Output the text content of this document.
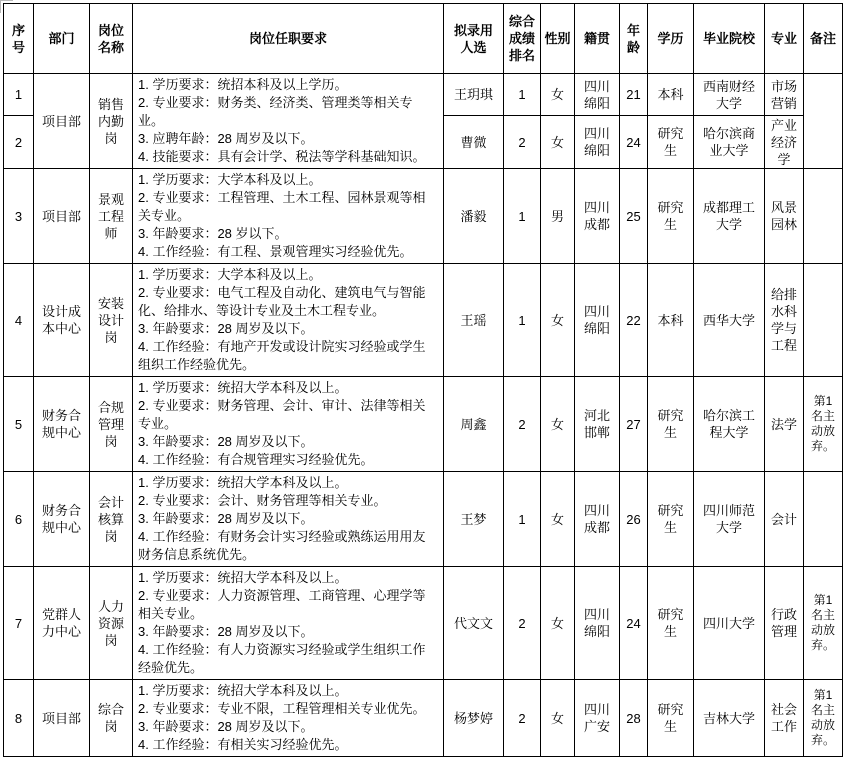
序号	部门	岗位名称	岗位任职要求	拟录用人选	综合成绩排名	性别	籍贯	年龄	学历	毕业院校	专业	备注
1	项目部	销售内勤岗	1. 学历要求：统招本科及以上学历。
2. 专业要求：财务类、经济类、管理类等相关专业。
3. 应聘年龄：28 周岁及以下。
4. 技能要求：具有会计学、税法等学科基础知识。	王玥琪	1	女	四川绵阳	21	本科	西南财经大学	市场营销	
2				曹微	2	女	四川绵阳	24	研究生	哈尔滨商业大学	产业经济学	
3	项目部	景观工程师	1. 学历要求：大学本科及以上。
2. 专业要求：工程管理、土木工程、园林景观等相关专业。
3. 年龄要求：28 岁以下。
4. 工作经验：有工程、景观管理实习经验优先。	潘毅	1	男	四川成都	25	研究生	成都理工大学	风景园林	
4	设计成本中心	安装设计岗	1. 学历要求：大学本科及以上。
2. 专业要求：电气工程及自动化、建筑电气与智能化、给排水、等设计专业及土木工程专业。
3. 年龄要求：28 周岁及以下。
4. 工作经验：有地产开发或设计院实习经验或学生组织工作经验优先。	王瑶	1	女	四川绵阳	22	本科	西华大学	给排水科学与工程	
5	财务合规中心	合规管理岗	1. 学历要求：统招大学本科及以上。
2. 专业要求：财务管理、会计、审计、法律等相关专业。
3. 年龄要求：28 周岁及以下。
4. 工作经验：有合规管理实习经验优先。	周鑫	2	女	河北邯郸	27	研究生	哈尔滨工程大学	法学	第1名主动放弃。
6	财务合规中心	会计核算岗	1. 学历要求：统招大学本科及以上。
2. 专业要求：会计、财务管理等相关专业。
3. 年龄要求：28 周岁及以下。
4. 工作经验：有财务会计实习经验或熟练运用用友财务信息系统优先。	王梦	1	女	四川成都	26	研究生	四川师范大学	会计	
7	党群人力中心	人力资源岗	1. 学历要求：统招大学本科及以上。
2. 专业要求：人力资源管理、工商管理、心理学等相关专业。
3. 年龄要求：28 周岁及以下。
4. 工作经验：有人力资源实习经验或学生组织工作经验优先。	代文文	2	女	四川绵阳	24	研究生	四川大学	行政管理	第1名主动放弃。
8	项目部	综合岗	1. 学历要求：统招大学本科及以上。
2. 专业要求：专业不限，工程管理相关专业优先。
3. 年龄要求：28 周岁及以下。
4. 工作经验：有相关实习经验优先。	杨梦婷	2	女	四川广安	28	研究生	吉林大学	社会工作	第1名主动放弃。
